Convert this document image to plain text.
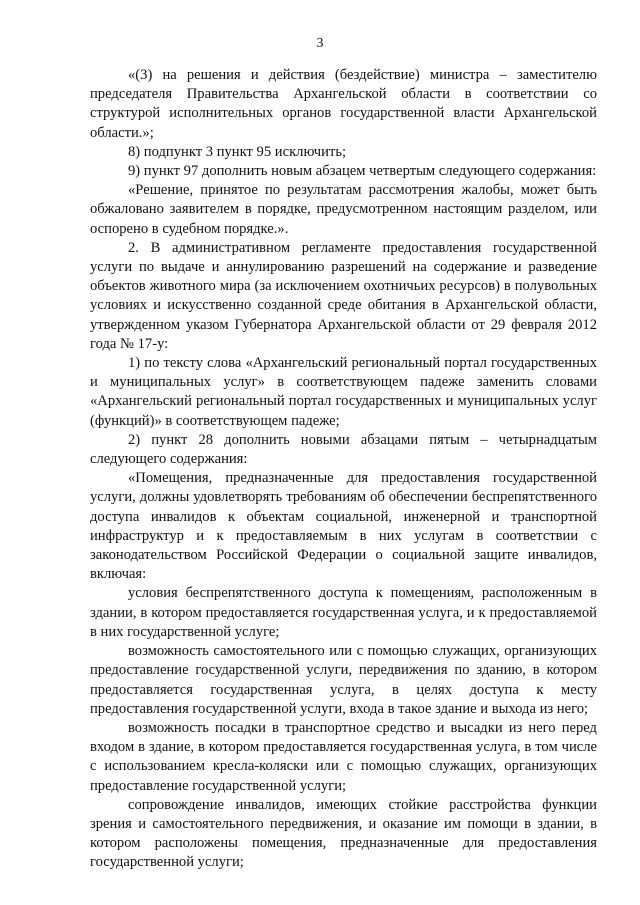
3

«(3) на решения и действия (бездействие) министра – заместителю председателя Правительства Архангельской области в соответствии со структурой исполнительных органов государственной власти Архангельской области.»;

8) подпункт 3 пункт 95 исключить;

9) пункт 97 дополнить новым абзацем четвертым следующего содержания:

«Решение, принятое по результатам рассмотрения жалобы, может быть обжаловано заявителем в порядке, предусмотренном настоящим разделом, или оспорено в судебном порядке.».

2. В административном регламенте предоставления государственной услуги по выдаче и аннулированию разрешений на содержание и разведение объектов животного мира (за исключением охотничьих ресурсов) в полувольных условиях и искусственно созданной среде обитания в Архангельской области, утвержденном указом Губернатора Архангельской области от 29 февраля 2012 года № 17-у:

1) по тексту слова «Архангельский региональный портал государственных и муниципальных услуг» в соответствующем падеже заменить словами «Архангельский региональный портал государственных и муниципальных услуг (функций)» в соответствующем падеже;

2) пункт 28 дополнить новыми абзацами пятым – четырнадцатым следующего содержания:

«Помещения, предназначенные для предоставления государственной услуги, должны удовлетворять требованиям об обеспечении беспрепятственного доступа инвалидов к объектам социальной, инженерной и транспортной инфраструктур и к предоставляемым в них услугам в соответствии с законодательством Российской Федерации о социальной защите инвалидов, включая:

условия беспрепятственного доступа к помещениям, расположенным в здании, в котором предоставляется государственная услуга, и к предоставляемой в них государственной услуге;

возможность самостоятельного или с помощью служащих, организующих предоставление государственной услуги, передвижения по зданию, в котором предоставляется государственная услуга, в целях доступа к месту предоставления государственной услуги, входа в такое здание и выхода из него;

возможность посадки в транспортное средство и высадки из него перед входом в здание, в котором предоставляется государственная услуга, в том числе с использованием кресла-коляски или с помощью служащих, организующих предоставление государственной услуги;

сопровождение инвалидов, имеющих стойкие расстройства функции зрения и самостоятельного передвижения, и оказание им помощи в здании, в котором расположены помещения, предназначенные для предоставления государственной услуги;
